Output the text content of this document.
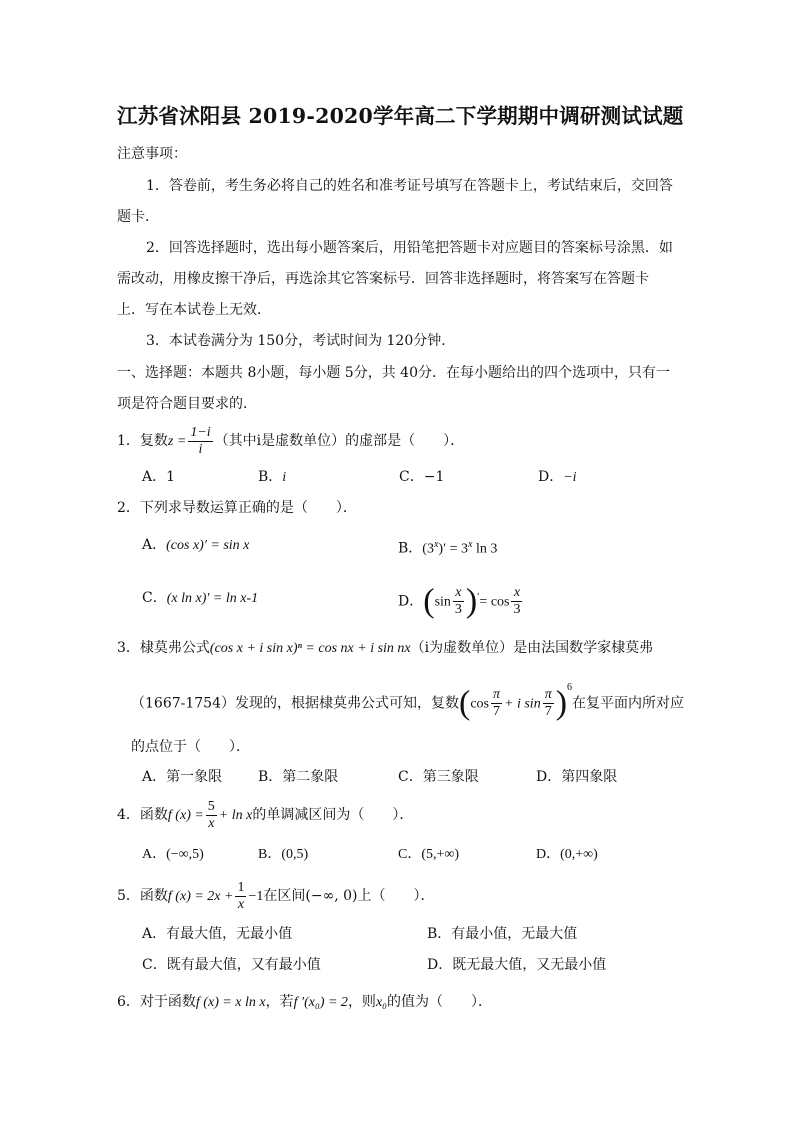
江苏省沭阳县 2019-2020学年高二下学期期中调研测试试题
注意事项：
1．答卷前，考生务必将自己的姓名和准考证号填写在答题卡上，考试结束后，交回答
题卡．
2．回答选择题时，选出每小题答案后，用铅笔把答题卡对应题目的答案标号涂黑．如
需改动，用橡皮擦干净后，再选涂其它答案标号．回答非选择题时，将答案写在答题卡
上．写在本试卷上无效．
3．本试卷满分为 150分，考试时间为 120分钟．
一、选择题：本题共 8小题，每小题 5分，共 40分．在每小题给出的四个选项中，只有一
项是符合题目要求的．
1．复数$z = \frac{1-i}{i}$ （其中i是虚数单位）的虚部是（　　）．
A．1	B．i	C．−1	D．−i
2．下列求导数运算正确的是（　　）．
A．(cos x)′ = sin x	B．$(3^x)' = 3^x$ ln 3
C．(x ln x)′ = ln x-1	D．$(\sin \frac{x}{3} )'= \cos \frac{x}{3}$
3．棣莫弗公式(cos x + i sin x)ⁿ = cos nx + i sin nx（i为虚数单位）是由法国数学家棣莫弗
（1667-1754）发现的，根据棣莫弗公式可知，复数($\cos \frac{\pi}{7} + i$ $\sin \frac{\pi}{7} )^6$在复平面内所对应
的点位于（　　）．
A．第一象限	B．第二象限	C．第三象限	D．第四象限
4．函数f $(x) = \frac{5}{x} + \ln x$的单调减区间为（　　）．
A．(−∞,5)	B．(0,5)	C．(5,+∞)	D．(0,+∞)
5．函数f $(x) = 2x + \frac{1}{x} -1$在区间(−∞, 0)上（　　）．
A．有最大值，无最小值	B．有最小值，无最大值
C．既有最大值，又有最小值	D．既无最大值，又无最小值
6．对于函数f (x) = x ln x，若f ′(x₀) = 2，则x₀的值为（　　）．
